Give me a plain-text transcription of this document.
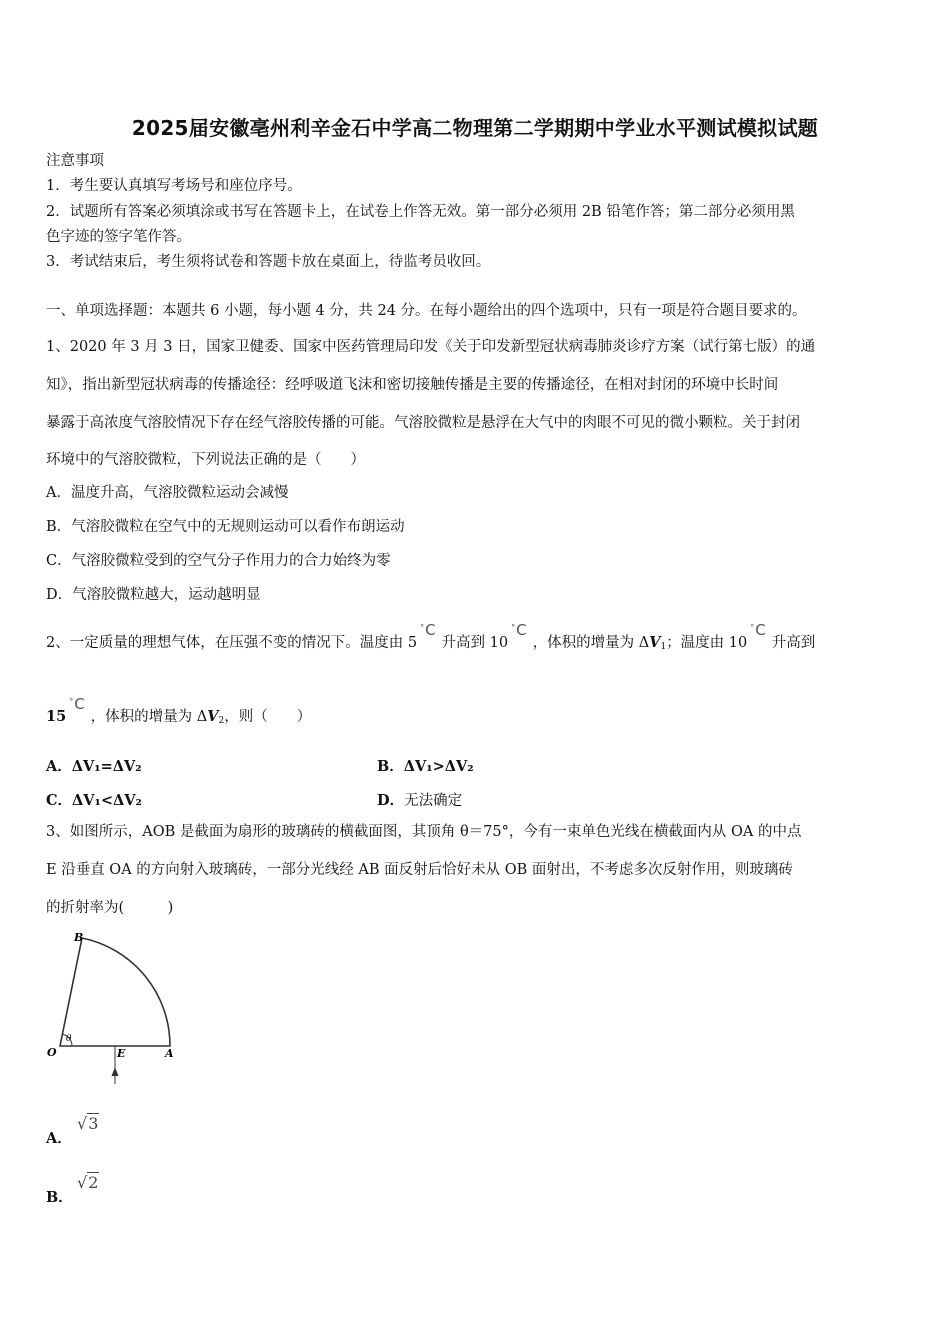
2025届安徽亳州利辛金石中学高二物理第二学期期中学业水平测试模拟试题
注意事项
1．考生要认真填写考场号和座位序号。
2．试题所有答案必须填涂或书写在答题卡上，在试卷上作答无效。第一部分必须用 2B 铅笔作答；第二部分必须用黑
色字迹的签字笔作答。
3．考试结束后，考生须将试卷和答题卡放在桌面上，待监考员收回。
一、单项选择题：本题共 6 小题，每小题 4 分，共 24 分。在每小题给出的四个选项中，只有一项是符合题目要求的。
1、2020 年 3 月 3 日，国家卫健委、国家中医药管理局印发《关于印发新型冠状病毒肺炎诊疗方案（试行第七版）的通
知》，指出新型冠状病毒的传播途径：经呼吸道飞沫和密切接触传播是主要的传播途径，在相对封闭的环境中长时间
暴露于高浓度气溶胶情况下存在经气溶胶传播的可能。气溶胶微粒是悬浮在大气中的肉眼不可见的微小颗粒。关于封闭
环境中的气溶胶微粒，下列说法正确的是（　　）
A．温度升高，气溶胶微粒运动会减慢
B．气溶胶微粒在空气中的无规则运动可以看作布朗运动
C．气溶胶微粒受到的空气分子作用力的合力始终为零
D．气溶胶微粒越大，运动越明显
2、一定质量的理想气体，在压强不变的情况下。温度由 5
° C升高到 10
° C，体积的增量为 $\Delta V_1$；温度由 10
° C升高到
15
° C，体积的增量为 $\Delta V_2$，则（　　）
A．ΔV₁=ΔV₂	B．ΔV₁>ΔV₂
C．ΔV₁<ΔV₂	D．无法确定
3、如图所示，AOB 是截面为扇形的玻璃砖的横截面图，其顶角 θ＝75°，今有一束单色光线在横截面内从 OA 的中点
E 沿垂直 OA 的方向射入玻璃砖，一部分光线经 AB 面反射后恰好未从 OB 面射出，不考虑多次反射作用，则玻璃砖
的折射率为(　　　)
B
O
θ
E	A
A．
√3
B．
√2
